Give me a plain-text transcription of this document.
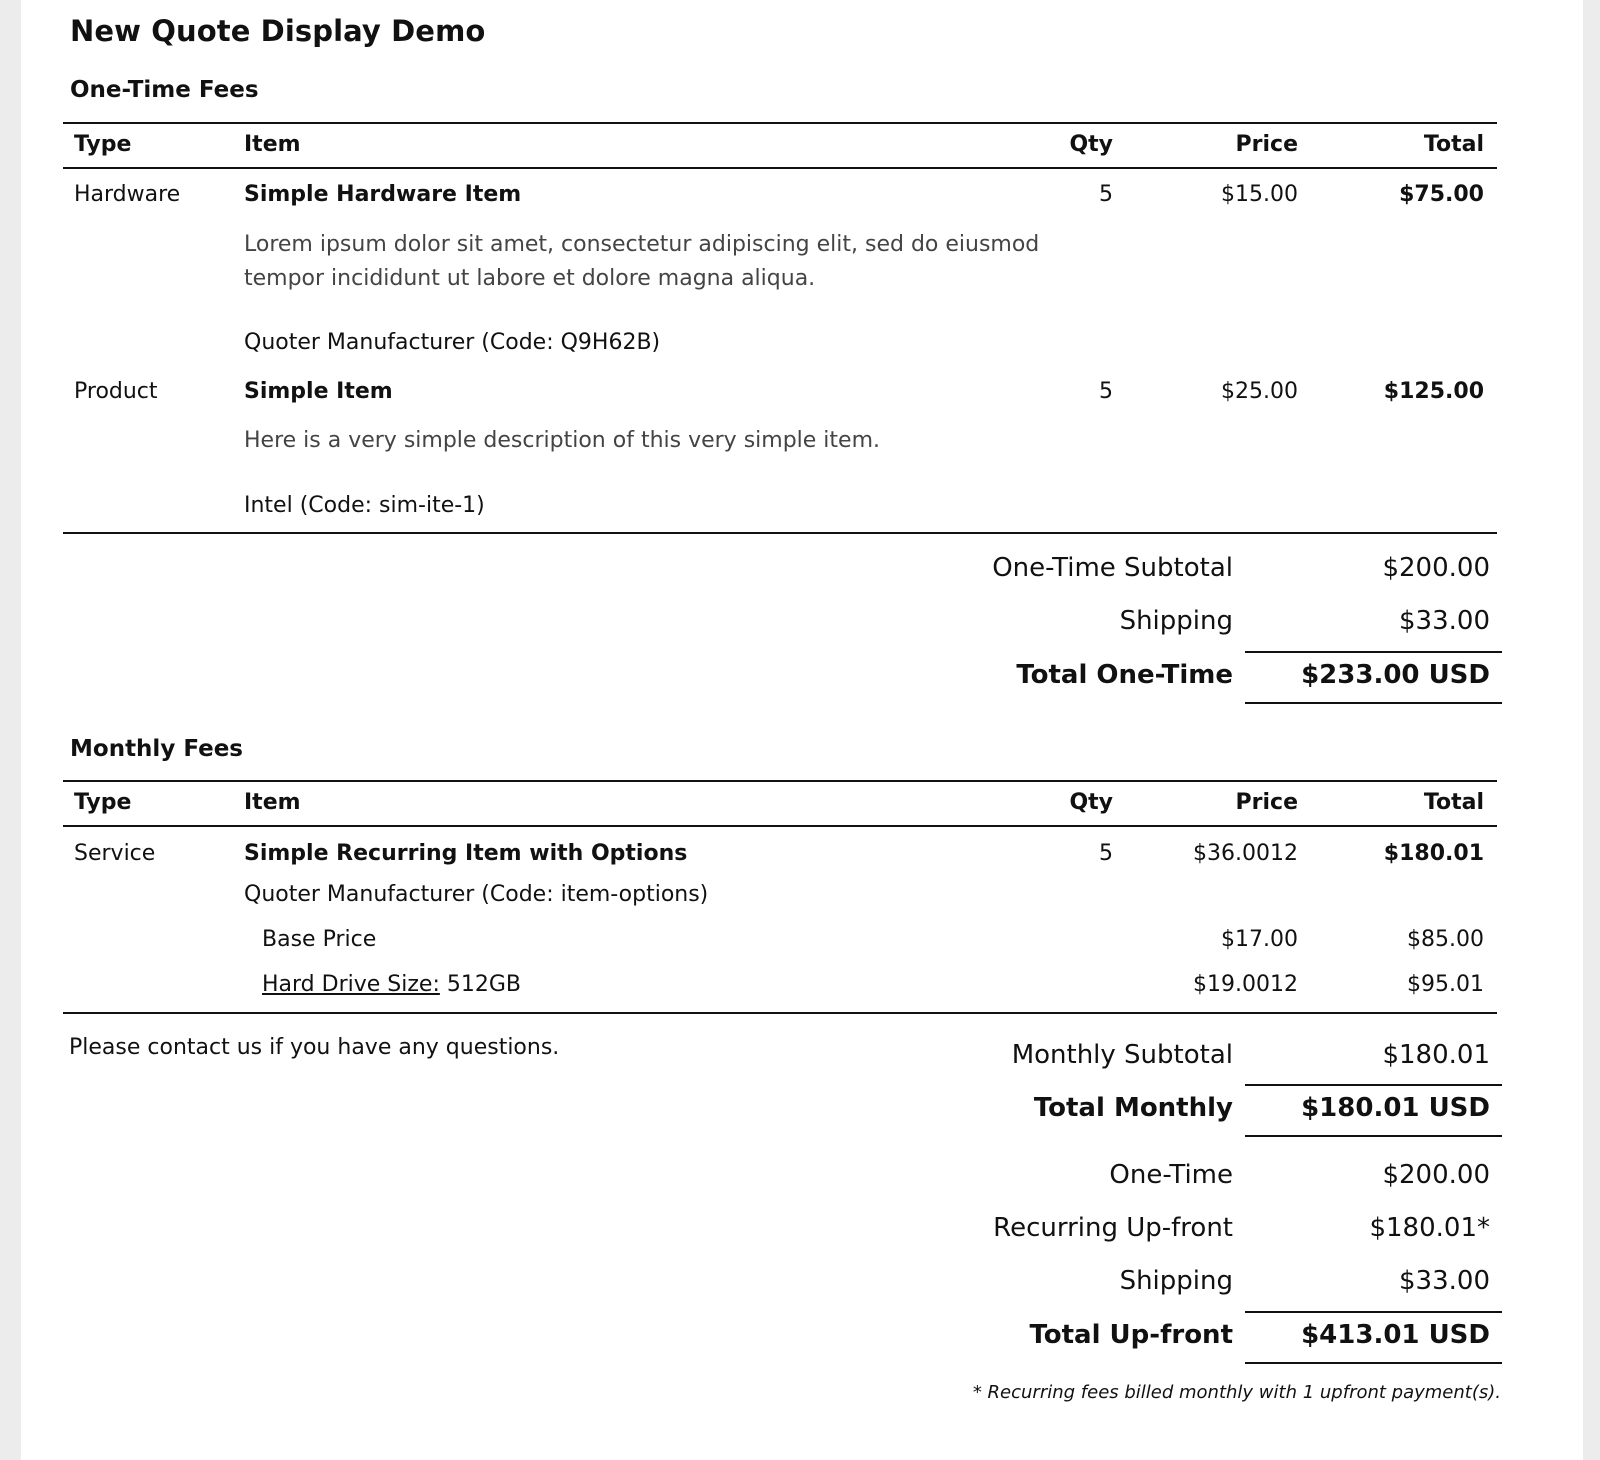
New Quote Display Demo
One-Time Fees
Type	Item	Qty	Price	Total
Hardware	Simple Hardware Item	5	$15.00	$75.00
Lorem ipsum dolor sit amet, consectetur adipiscing elit, sed do eiusmod tempor incididunt ut labore et dolore magna aliqua.
Quoter Manufacturer (Code: Q9H62B)
Product	Simple Item	5	$25.00	$125.00
Here is a very simple description of this very simple item.
Intel (Code: sim-ite-1)
One-Time Subtotal	$200.00
Shipping	$33.00
Total One-Time	$233.00 USD
Monthly Fees
Type	Item	Qty	Price	Total
Service	Simple Recurring Item with Options	5	$36.0012	$180.01
Quoter Manufacturer (Code: item-options)
Base Price	$17.00	$85.00
Hard Drive Size: 512GB	$19.0012	$95.01
Please contact us if you have any questions.	Monthly Subtotal	$180.01
Total Monthly	$180.01 USD
One-Time	$200.00
Recurring Up-front	$180.01*
Shipping	$33.00
Total Up-front	$413.01 USD
* Recurring fees billed monthly with 1 upfront payment(s).
